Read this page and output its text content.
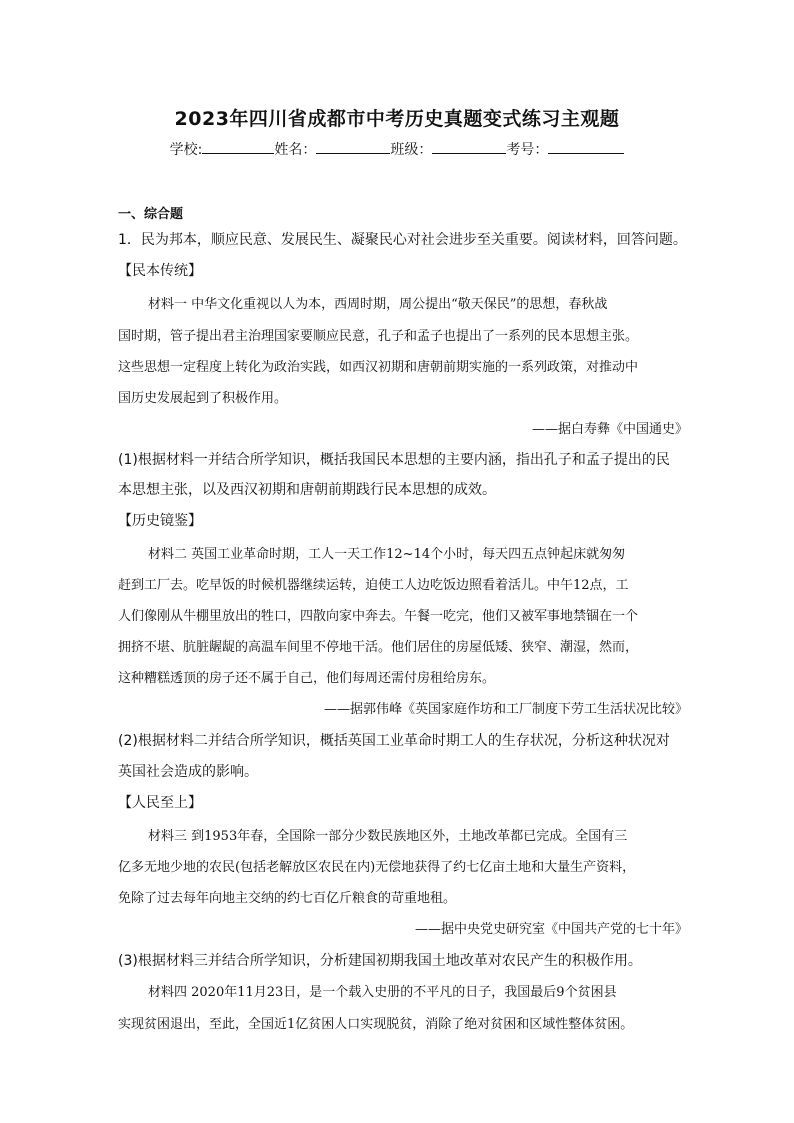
2023年四川省成都市中考历史真题变式练习主观题
学校:	姓名：	班级：	考号：
一、综合题
1．民为邦本，顺应民意、发展民生、凝聚民心对社会进步至关重要。阅读材料，回答问题。
【民本传统】
材料一 中华文化重视以人为本，西周时期，周公提出“敬天保民”的思想，春秋战
国时期，管子提出君主治理国家要顺应民意，孔子和孟子也提出了一系列的民本思想主张。
这些思想一定程度上转化为政治实践，如西汉初期和唐朝前期实施的一系列政策，对推动中
国历史发展起到了积极作用。
——据白寿彝《中国通史》
(1)根据材料一并结合所学知识，概括我国民本思想的主要内涵，指出孔子和孟子提出的民
本思想主张，以及西汉初期和唐朝前期践行民本思想的成效。
【历史镜鉴】
材料二 英国工业革命时期，工人一天工作12~14个小时，每天四五点钟起床就匆匆
赶到工厂去。吃早饭的时候机器继续运转，迫使工人边吃饭边照看着活儿。中午12点，工
人们像刚从牛棚里放出的牲口，四散向家中奔去。午餐一吃完，他们又被军事地禁锢在一个
拥挤不堪、肮脏龌龊的高温车间里不停地干活。他们居住的房屋低矮、狭窄、潮湿，然而，
这种糟糕透顶的房子还不属于自己，他们每周还需付房租给房东。
——据郭伟峰《英国家庭作坊和工厂制度下劳工生活状况比较》
(2)根据材料二并结合所学知识，概括英国工业革命时期工人的生存状况，分析这种状况对
英国社会造成的影响。
【人民至上】
材料三 到1953年春，全国除一部分少数民族地区外，土地改革都已完成。全国有三
亿多无地少地的农民(包括老解放区农民在内)无偿地获得了约七亿亩土地和大量生产资料，
免除了过去每年向地主交纳的约七百亿斤粮食的苛重地租。
——据中央党史研究室《中国共产党的七十年》
(3)根据材料三并结合所学知识，分析建国初期我国土地改革对农民产生的积极作用。
材料四 2020年11月23日，是一个载入史册的不平凡的日子，我国最后9个贫困县
实现贫困退出，至此，全国近1亿贫困人口实现脱贫，消除了绝对贫困和区域性整体贫困。
